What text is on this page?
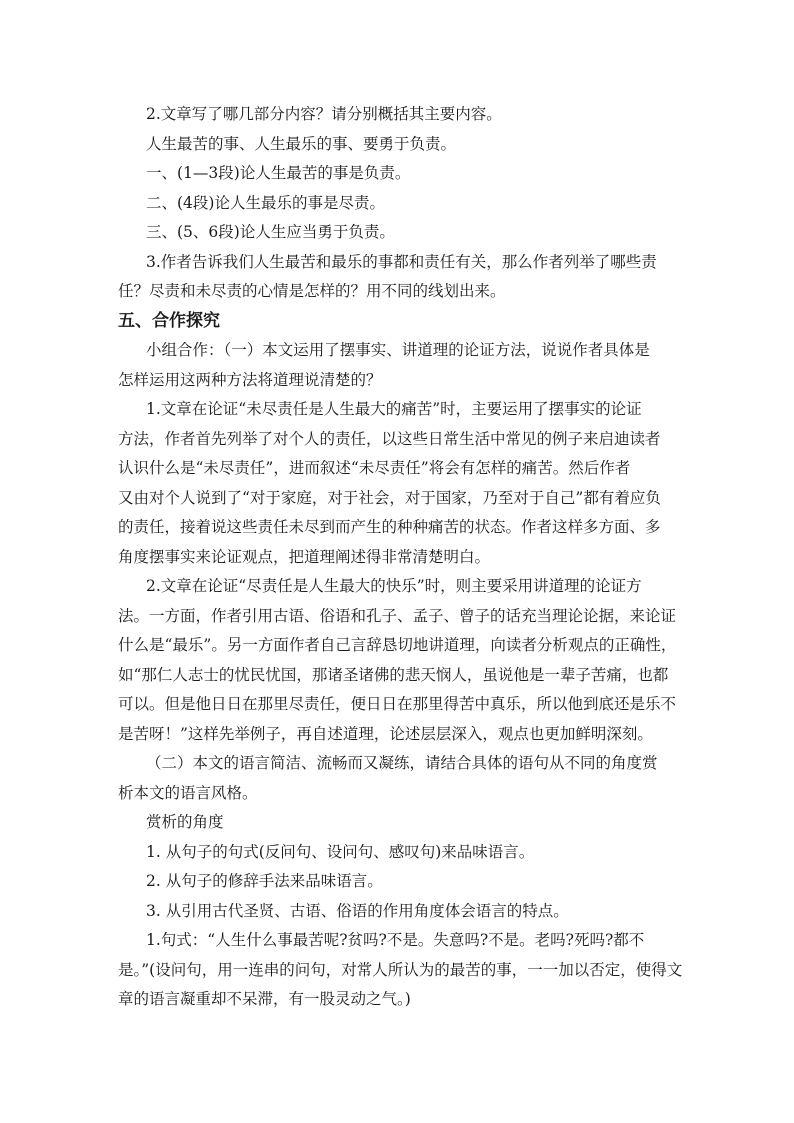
2.文章写了哪几部分内容？请分别概括其主要内容。

人生最苦的事、人生最乐的事、要勇于负责。

一、(1—3段)论人生最苦的事是负责。

二、(4段)论人生最乐的事是尽责。

三、(5、6段)论人生应当勇于负责。

3.作者告诉我们人生最苦和最乐的事都和责任有关，那么作者列举了哪些责

任？尽责和未尽责的心情是怎样的？用不同的线划出来。

五、合作探究

小组合作：（一）本文运用了摆事实、讲道理的论证方法，说说作者具体是

怎样运用这两种方法将道理说清楚的？

1.文章在论证“未尽责任是人生最大的痛苦”时，主要运用了摆事实的论证

方法，作者首先列举了对个人的责任，以这些日常生活中常见的例子来启迪读者

认识什么是“未尽责任”，进而叙述“未尽责任”将会有怎样的痛苦。然后作者

又由对个人说到了“对于家庭，对于社会，对于国家，乃至对于自己”都有着应负

的责任，接着说这些责任未尽到而产生的种种痛苦的状态。作者这样多方面、多

角度摆事实来论证观点，把道理阐述得非常清楚明白。

2.文章在论证“尽责任是人生最大的快乐”时，则主要采用讲道理的论证方

法。一方面，作者引用古语、俗语和孔子、孟子、曾子的话充当理论论据，来论证

什么是“最乐”。另一方面作者自己言辞恳切地讲道理，向读者分析观点的正确性，

如“那仁人志士的忧民忧国，那诸圣诸佛的悲天悯人，虽说他是一辈子苦痛，也都

可以。但是他日日在那里尽责任，便日日在那里得苦中真乐，所以他到底还是乐不

是苦呀！”这样先举例子，再自述道理，论述层层深入，观点也更加鲜明深刻。

（二）本文的语言简洁、流畅而又凝练，请结合具体的语句从不同的角度赏

析本文的语言风格。

赏析的角度

1. 从句子的句式(反问句、设问句、感叹句)来品味语言。

2. 从句子的修辞手法来品味语言。

3. 从引用古代圣贤、古语、俗语的作用角度体会语言的特点。

1.句式：“人生什么事最苦呢?贫吗?不是。失意吗?不是。老吗?死吗?都不

是。”(设问句，用一连串的问句，对常人所认为的最苦的事，一一加以否定，使得文

章的语言凝重却不呆滞，有一股灵动之气。)
